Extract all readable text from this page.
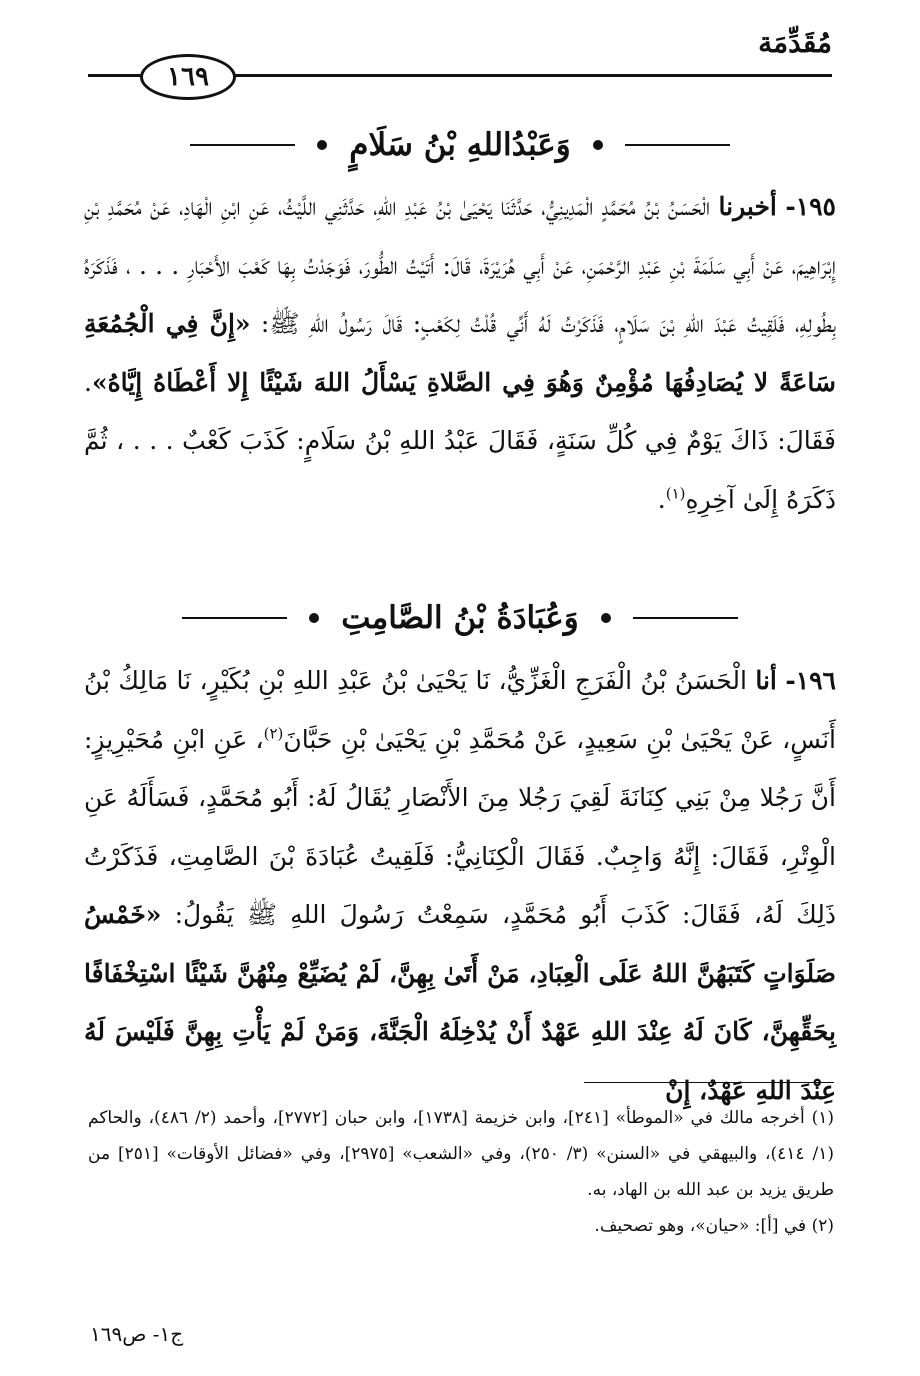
مُقَدِّمَة
١٦٩
وَعَبْدُاللهِ بْنُ سَلَامٍ
١٩٥- أخبرنا الْحَسَنُ بْنُ مُحَمَّدٍ الْمَدِينِيُّ، حَدَّثَنَا يَحْيَىٰ بْنُ عَبْدِ اللهِ، حَدَّثَنِي اللَّيْثُ، عَنِ ابْنِ الْهَادِ، عَنْ مُحَمَّدِ بْنِ إِبْرَاهِيمَ، عَنْ أَبِي سَلَمَةَ بْنِ عَبْدِ الرَّحْمَنِ، عَنْ أَبِي هُرَيْرَةَ، قَالَ: أَتَيْتُ الطُّورَ، فَوَجَدْتُ بِهَا كَعْبَ الأَحْبَارِ . . . ، فَذَكَرَهُ بِطُولِهِ، فَلَقِيتُ عَبْدَ اللهِ بْنَ سَلَامٍ، فَذَكَرْتُ لَهُ أَنِّي قُلْتُ لِكَعْبٍ: قَالَ رَسُولُ اللهِ ﷺ: «إِنَّ فِي الْجُمُعَةِ سَاعَةً لا يُصَادِفُهَا مُؤْمِنٌ وَهُوَ فِي الصَّلاةِ يَسْأَلُ اللهَ شَيْئًا إِلا أَعْطَاهُ إِيَّاهُ». فَقَالَ: ذَاكَ يَوْمٌ فِي كُلِّ سَنَةٍ، فَقَالَ عَبْدُ اللهِ بْنُ سَلَامٍ: كَذَبَ كَعْبٌ . . . ، ثُمَّ ذَكَرَهُ إِلَىٰ آخِرِهِ$^{(١)}$.
وَعُبَادَةُ بْنُ الصَّامِتِ
١٩٦- أنا الْحَسَنُ بْنُ الْفَرَجِ الْغَزِّيُّ، نَا يَحْيَىٰ بْنُ عَبْدِ اللهِ بْنِ بُكَيْرٍ، نَا مَالِكُ بْنُ أَنَسٍ، عَنْ يَحْيَىٰ بْنِ سَعِيدٍ، عَنْ مُحَمَّدِ بْنِ يَحْيَىٰ بْنِ حَبَّانَ$^{(٢)}$، عَنِ ابْنِ مُحَيْرِيزٍ: أَنَّ رَجُلا مِنْ بَنِي كِنَانَةَ لَقِيَ رَجُلا مِنَ الأَنْصَارِ يُقَالُ لَهُ: أَبُو مُحَمَّدٍ، فَسَأَلَهُ عَنِ الْوِتْرِ، فَقَالَ: إِنَّهُ وَاجِبٌ. فَقَالَ الْكِنَانِيُّ: فَلَقِيتُ عُبَادَةَ بْنَ الصَّامِتِ، فَذَكَرْتُ ذَلِكَ لَهُ، فَقَالَ: كَذَبَ أَبُو مُحَمَّدٍ، سَمِعْتُ رَسُولَ اللهِ ﷺ يَقُولُ: «خَمْسُ صَلَوَاتٍ كَتَبَهُنَّ اللهُ عَلَى الْعِبَادِ، مَنْ أَتَىٰ بِهِنَّ، لَمْ يُضَيِّعْ مِنْهُنَّ شَيْئًا اسْتِخْفَافًا بِحَقِّهِنَّ، كَانَ لَهُ عِنْدَ اللهِ عَهْدٌ أَنْ يُدْخِلَهُ الْجَنَّةَ، وَمَنْ لَمْ يَأْتِ بِهِنَّ فَلَيْسَ لَهُ عِنْدَ اللهِ عَهْدٌ، إِنْ

(١) أخرجه مالك في «الموطأ» [٢٤١]، وابن خزيمة [١٧٣٨]، وابن حبان [٢٧٧٢]، وأحمد (٢/ ٤٨٦)، والحاكم (١/ ٤١٤)، والبيهقي في «السنن» (٣/ ٢٥٠)، وفي «الشعب» [٢٩٧٥]، وفي «فضائل الأوقات» [٢٥١] من طريق يزيد بن عبد الله بن الهاد، به.

(٢) في [أ]: «حيان»، وهو تصحيف.

ج١- ص١٦٩
